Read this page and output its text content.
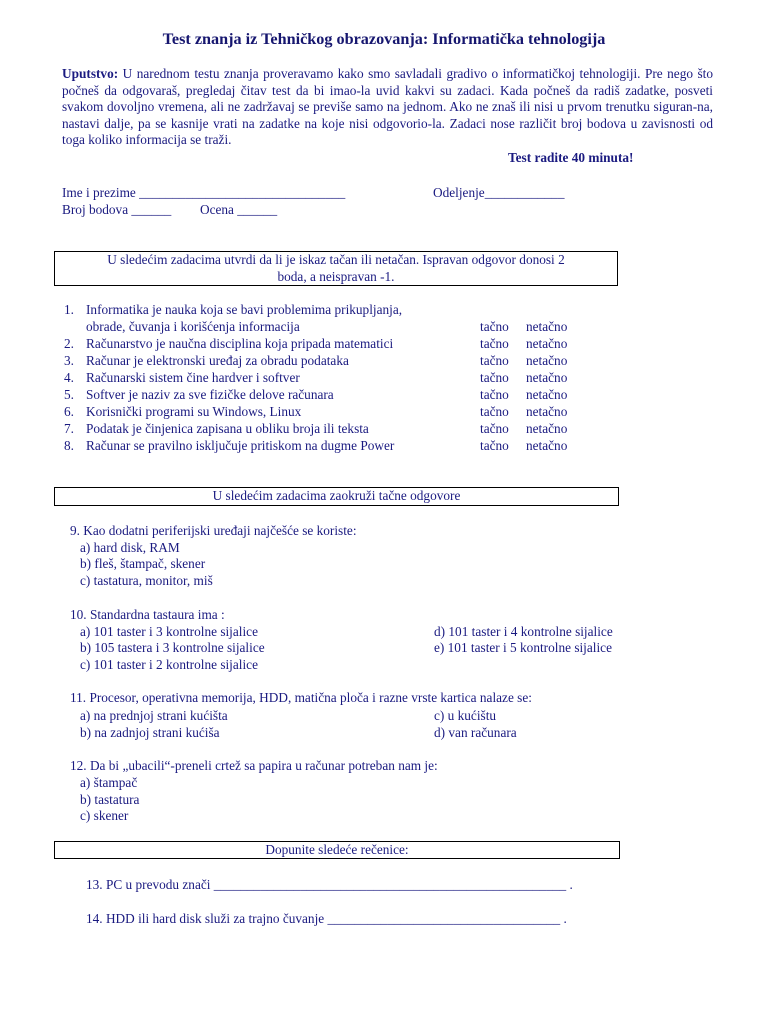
Test znanja iz Tehničkog obrazovanja: Informatička tehnologija
Uputstvo: U narednom testu znanja proveravamo kako smo savladali gradivo o informatičkoj tehnologiji. Pre nego što počneš da odgovaraš, pregledaj čitav test da bi imao-la uvid kakvi su zadaci. Kada počneš da radiš zadatke, posveti svakom dovoljno vremena, ali ne zadržavaj se previše samo na jednom. Ako ne znaš ili nisi u prvom trenutku siguran-na, nastavi dalje, pa se kasnije vrati na zadatke na koje nisi odgovorio-la. Zadaci nose različit broj bodova u zavisnosti od toga koliko informacija se traži.
Test radite 40 minuta!
Ime i prezime _______________________________	Odeljenje____________
Broj bodova ______ Ocena ______
U sledećim zadacima utvrdi da li je iskaz tačan ili netačan. Ispravan odgovor donosi 2
boda, a neispravan -1.
1. Informatika je nauka koja se bavi problemima prikupljanja,
obrade, čuvanja i korišćenja informacija	tačno netačno
2. Računarstvo je naučna disciplina koja pripada matematici	tačno netačno
3. Računar je elektronski uređaj za obradu podataka	tačno netačno
4. Računarski sistem čine hardver i softver	tačno netačno
5. Softver je naziv za sve fizičke delove računara	tačno netačno
6. Korisnički programi su Windows, Linux	tačno netačno
7. Podatak je činjenica zapisana u obliku broja ili teksta	tačno netačno
8. Računar se pravilno isključuje pritiskom na dugme Power	tačno netačno
U sledećim zadacima zaokruži tačne odgovore
9. Kao dodatni periferijski uređaji najčešće se koriste:
a) hard disk, RAM
b) fleš, štampač, skener
c) tastatura, monitor, miš
10. Standardna tastaura ima :
a) 101 taster i 3 kontrolne sijalice	d) 101 taster i 4 kontrolne sijalice
b) 105 tastera i 3 kontrolne sijalice	e) 101 taster i 5 kontrolne sijalice
c) 101 taster i 2 kontrolne sijalice
11. Procesor, operativna memorija, HDD, matična ploča i razne vrste kartica nalaze se:
a) na prednjoj strani kućišta	c) u kućištu
b) na zadnjoj strani kućiša	d) van računara
12. Da bi „ubacili“-preneli crtež sa papira u računar potreban nam je:
a) štampač
b) tastatura
c) skener
Dopunite sledeće rečenice:
13. PC u prevodu znači _____________________________________________________ .
14. HDD ili hard disk služi za trajno čuvanje ___________________________________ .
